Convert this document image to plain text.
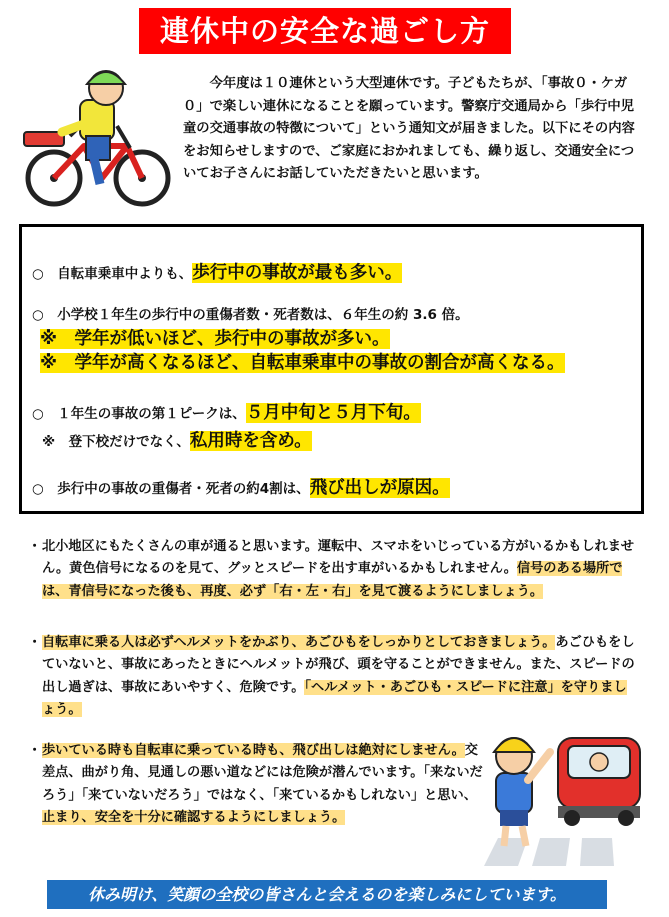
連休中の安全な過ごし方

今年度は１０連休という大型連休です。子どもたちが、「事故０・ケガ０」で楽しい連休になることを願っています。警察庁交通局から「歩行中児童の交通事故の特徴について」という通知文が届きました。以下にその内容をお知らせしますので、ご家庭におかれましても、繰り返し、交通安全についてお子さんにお話していただきたいと思います。

○　自転車乗車中よりも、歩行中の事故が最も多い。
○　小学校１年生の歩行中の重傷者数・死者数は、６年生の約 3.6 倍。
※　学年が低いほど、歩行中の事故が多い。
※　学年が高くなるほど、自転車乗車中の事故の割合が高くなる。
○　１年生の事故の第１ピークは、５月中旬と５月下旬。
※　登下校だけでなく、私用時を含め。
○　歩行中の事故の重傷者・死者の約4割は、飛び出しが原因。
・ 北小地区にもたくさんの車が通ると思います。運転中、スマホをいじっている方がいるかもしれません。黄色信号になるのを見て、グッとスピードを出す車がいるかもしれません。信号のある場所では、青信号になった後も、再度、必ず「右・左・右」を見て渡るようにしましょう。
・ 自転車に乗る人は必ずヘルメットをかぶり、あごひもをしっかりとしておきましょう。あごひもをしていないと、事故にあったときにヘルメットが飛び、頭を守ることができません。また、スピードの出し過ぎは、事故にあいやすく、危険です。「ヘルメット・あごひも・スピードに注意」を守りましょう。
・ 歩いている時も自転車に乗っている時も、飛び出しは絶対にしません。交差点、曲がり角、見通しの悪い道などには危険が潜んでいます。「来ないだろう」「来ていないだろう」ではなく、「来ているかもしれない」と思い、止まり、安全を十分に確認するようにしましょう。
休み明け、笑顔の全校の皆さんと会えるのを楽しみにしています。
